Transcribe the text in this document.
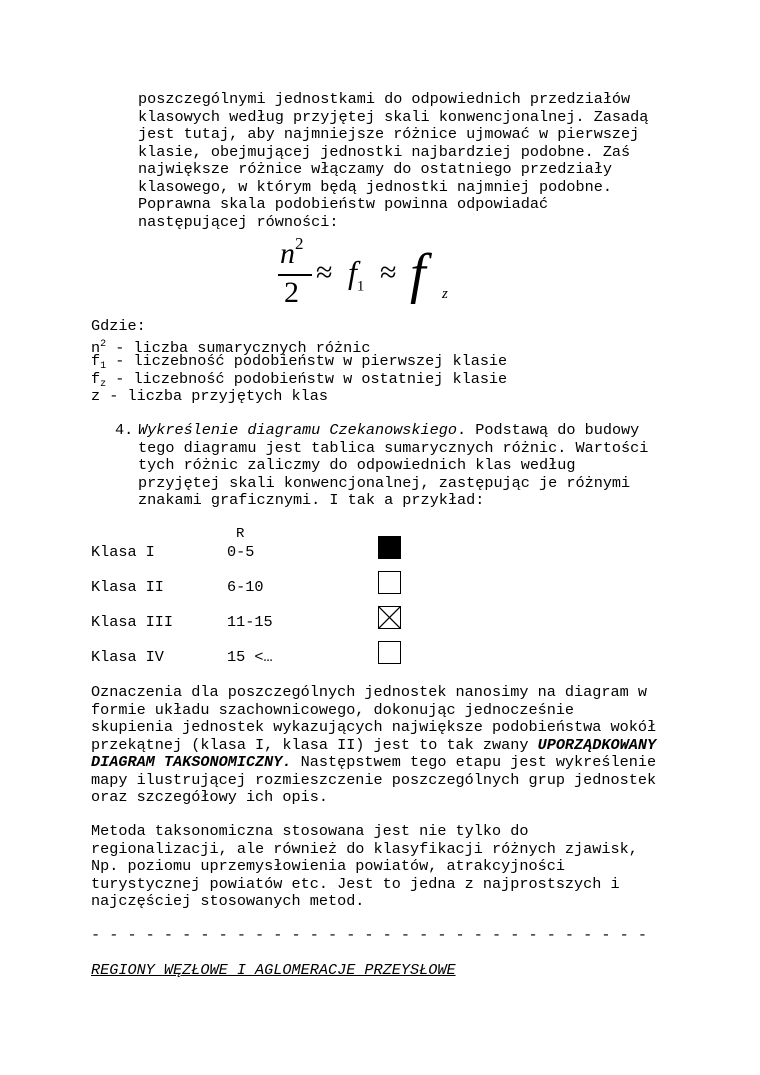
poszczególnymi jednostkami do odpowiednich przedziałów
klasowych według przyjętej skali konwencjonalnej. Zasadą
jest tutaj, aby najmniejsze różnice ujmować w pierwszej
klasie, obejmującej jednostki najbardziej podobne. Zaś
największe różnice włączamy do ostatniego przedziały
klasowego, w którym będą jednostki najmniej podobne.
Poprawna skala podobieństw powinna odpowiadać
następującej równości:
$n^2$
2
≈ $f_1 \approx f$ z
Gdzie:
$n^2$ - liczba sumarycznych różnic
$f_1$ - liczebność podobieństw w pierwszej klasie
$f_z$ - liczebność podobieństw w ostatniej klasie
z - liczba przyjętych klas
4. Wykreślenie diagramu Czekanowskiego. Podstawą do budowy
tego diagramu jest tablica sumarycznych różnic. Wartości
tych różnic zaliczmy do odpowiednich klas według
przyjętej skali konwencjonalnej, zastępując je różnymi
znakami graficznymi. I tak a przykład:
R
Klasa I	0-5
Klasa II	6-10
Klasa III	11-15
Klasa IV	15 <…
Oznaczenia dla poszczególnych jednostek nanosimy na diagram w
formie układu szachownicowego, dokonując jednocześnie
skupienia jednostek wykazujących największe podobieństwa wokół
przekątnej (klasa I, klasa II) jest to tak zwany UPORZĄDKOWANY
DIAGRAM TAKSONOMICZNY. Następstwem tego etapu jest wykreślenie
mapy ilustrującej rozmieszczenie poszczególnych grup jednostek
oraz szczegółowy ich opis.
Metoda taksonomiczna stosowana jest nie tylko do
regionalizacji, ale również do klasyfikacji różnych zjawisk,
Np. poziomu uprzemysłowienia powiatów, atrakcyjności
turystycznej powiatów etc. Jest to jedna z najprostszych i
najczęściej stosowanych metod.
- - - - - - - - - - - - - - - - - - - - - - - - - - - - - - -
REGIONY WĘZŁOWE I AGLOMERACJE PRZEYSŁOWE
